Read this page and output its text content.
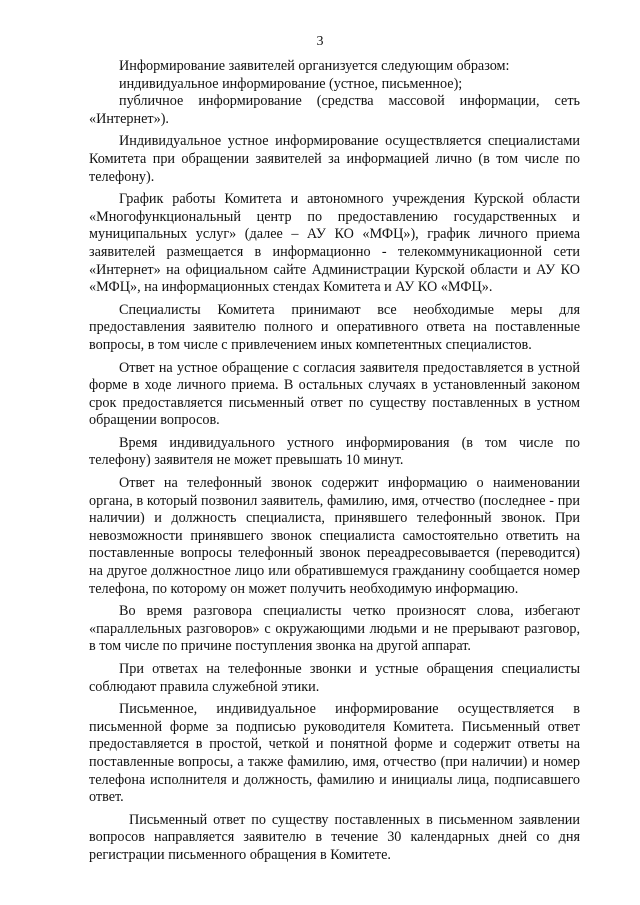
3

Информирование заявителей организуется следующим образом:

индивидуальное информирование (устное, письменное);

публичное информирование (средства массовой информации, сеть «Интернет»).

Индивидуальное устное информирование осуществляется специалистами Комитета при обращении заявителей за информацией лично (в том числе по телефону).

График работы Комитета и автономного учреждения Курской области «Многофункциональный центр по предоставлению государственных и муниципальных услуг» (далее – АУ КО «МФЦ»), график личного приема заявителей размещается в информационно - телекоммуникационной сети «Интернет» на официальном сайте Администрации Курской области и АУ КО «МФЦ», на информационных стендах Комитета и АУ КО «МФЦ».

Специалисты Комитета принимают все необходимые меры для предоставления заявителю полного и оперативного ответа на поставленные вопросы, в том числе с привлечением иных компетентных специалистов.

Ответ на устное обращение с согласия заявителя предоставляется в устной форме в ходе личного приема. В остальных случаях в установленный законом срок предоставляется письменный ответ по существу поставленных в устном обращении вопросов.

Время индивидуального устного информирования (в том числе по телефону) заявителя не может превышать 10 минут.

Ответ на телефонный звонок содержит информацию о наименовании органа, в который позвонил заявитель, фамилию, имя, отчество (последнее - при наличии) и должность специалиста, принявшего телефонный звонок. При невозможности принявшего звонок специалиста самостоятельно ответить на поставленные вопросы телефонный звонок переадресовывается (переводится) на другое должностное лицо или обратившемуся гражданину сообщается номер телефона, по которому он может получить необходимую информацию.

Во время разговора специалисты четко произносят слова, избегают «параллельных разговоров» с окружающими людьми и не прерывают разговор, в том числе по причине поступления звонка на другой аппарат.

При ответах на телефонные звонки и устные обращения специалисты соблюдают правила служебной этики.

Письменное, индивидуальное информирование осуществляется в письменной форме за подписью руководителя Комитета. Письменный ответ предоставляется в простой, четкой и понятной форме и содержит ответы на поставленные вопросы, а также фамилию, имя, отчество (при наличии) и номер телефона исполнителя и должность, фамилию и инициалы лица, подписавшего ответ.

Письменный ответ по существу поставленных в письменном заявлении вопросов направляется заявителю в течение 30 календарных дней со дня регистрации письменного обращения в Комитете.
